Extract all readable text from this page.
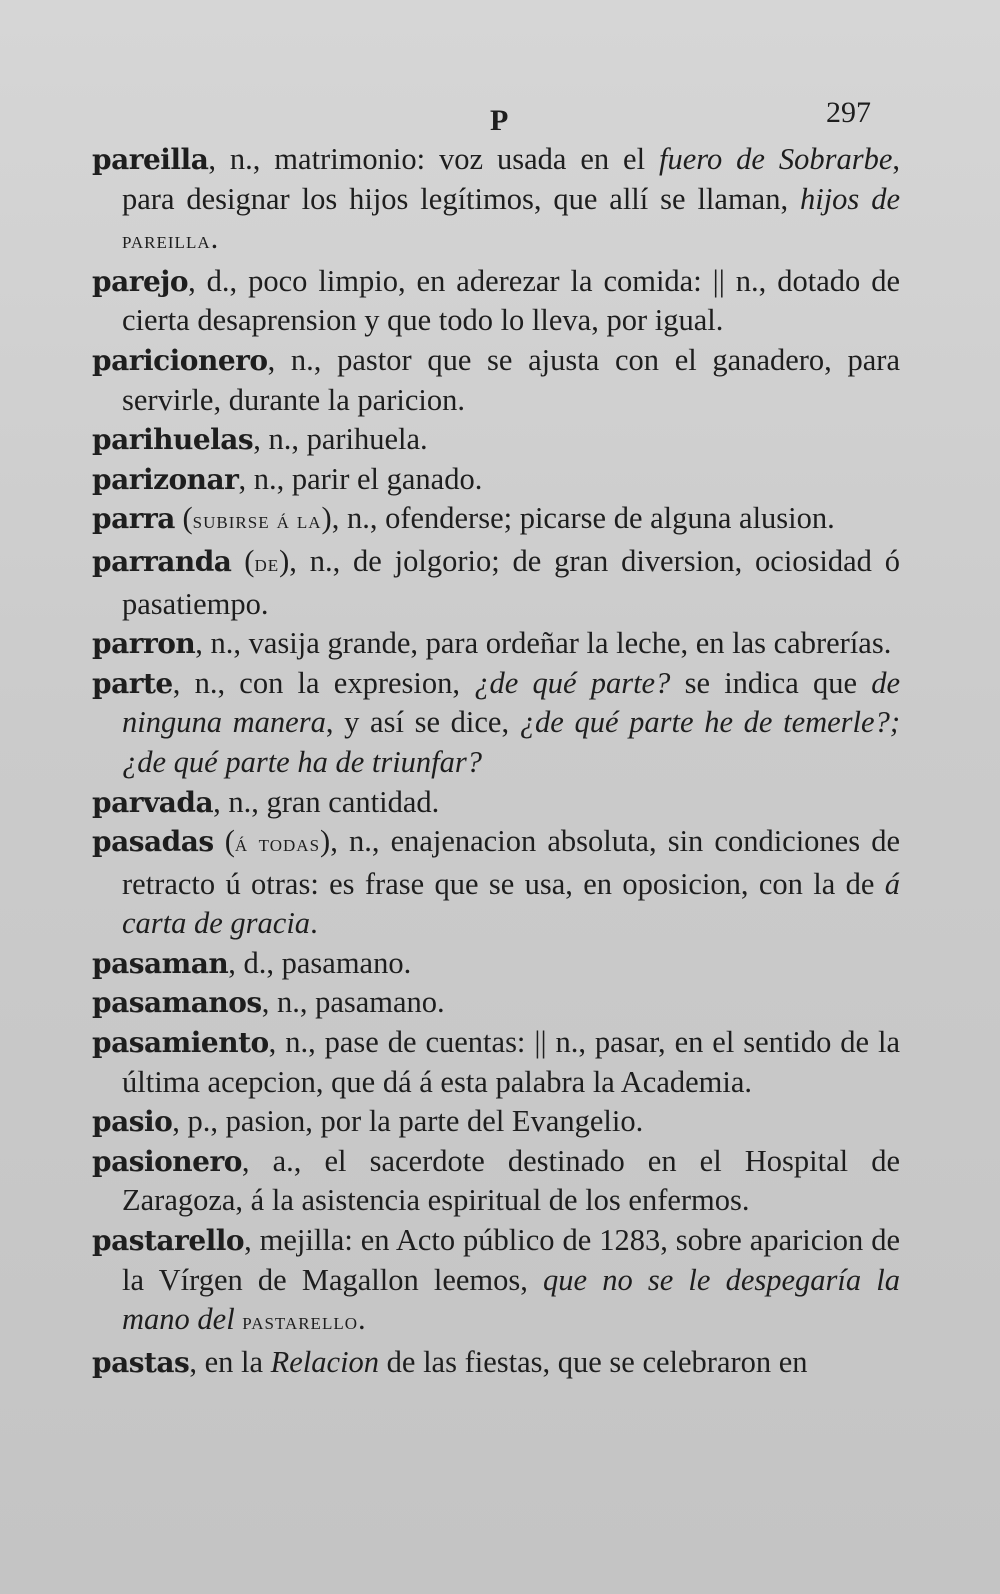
P	297

pareilla, n., matrimonio: voz usada en el fuero de Sobrarbe, para designar los hijos legítimos, que allí se llaman, hijos de pareilla.

parejo, d., poco limpio, en aderezar la comida: || n., dotado de cierta desaprension y que todo lo lleva, por igual.

paricionero, n., pastor que se ajusta con el ganadero, para servirle, durante la paricion.

parihuelas, n., parihuela.

parizonar, n., parir el ganado.

parra (subirse á la), n., ofenderse; picarse de alguna alusion.

parranda (de), n., de jolgorio; de gran diversion, ociosidad ó pasatiempo.

parron, n., vasija grande, para ordeñar la leche, en las cabrerías.

parte, n., con la expresion, ¿de qué parte? se indica que de ninguna manera, y así se dice, ¿de qué parte he de temerle?; ¿de qué parte ha de triunfar?

parvada, n., gran cantidad.

pasadas (á todas), n., enajenacion absoluta, sin condiciones de retracto ú otras: es frase que se usa, en oposicion, con la de á carta de gracia.

pasaman, d., pasamano.

pasamanos, n., pasamano.

pasamiento, n., pase de cuentas: || n., pasar, en el sentido de la última acepcion, que dá á esta palabra la Academia.

pasio, p., pasion, por la parte del Evangelio.

pasionero, a., el sacerdote destinado en el Hospital de Zaragoza, á la asistencia espiritual de los enfermos.

pastarello, mejilla: en Acto público de 1283, sobre aparicion de la Vírgen de Magallon leemos, que no se le despegaría la mano del pastarello.

pastas, en la Relacion de las fiestas, que se celebraron en
